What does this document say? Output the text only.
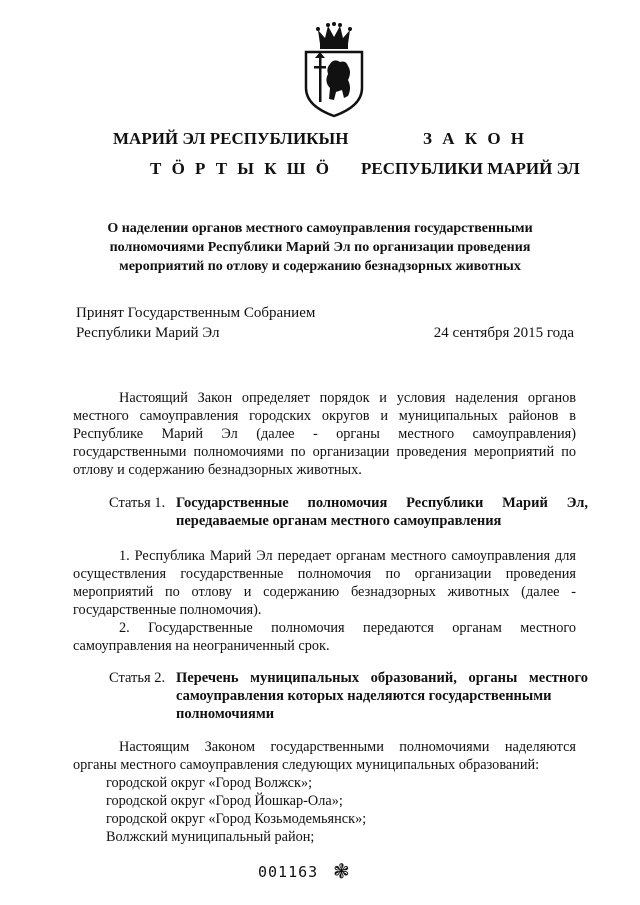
МАРИЙ ЭЛ РЕСПУБЛИКЫН
Т Ö Р Т Ы К Ш Ö
З А К О Н
РЕСПУБЛИКИ МАРИЙ ЭЛ
О наделении органов местного самоуправления государственными
полномочиями Республики Марий Эл по организации проведения
мероприятий по отлову и содержанию безнадзорных животных
Принят Государственным Собранием
Республики Марий Эл	24 сентября 2015 года

Настоящий Закон определяет порядок и условия наделения органов местного самоуправления городских округов и муниципальных районов в Республике Марий Эл (далее - органы местного самоуправления) государственными полномочиями по организации проведения мероприятий по отлову и содержанию безнадзорных животных.

Статья 1. Государственные полномочия Республики Марий Эл,
передаваемые органам местного самоуправления

1. Республика Марий Эл передает органам местного самоуправления для осуществления государственные полномочия по организации проведения мероприятий по отлову и содержанию безнадзорных животных (далее - государственные полномочия).

2. Государственные полномочия передаются органам местного самоуправления на неограниченный срок.

Статья 2. Перечень муниципальных образований, органы местного
самоуправления которых наделяются государственными
полномочиями

Настоящим Законом государственными полномочиями наделяются органы местного самоуправления следующих муниципальных образований:

городской округ «Город Волжск»;
городской округ «Город Йошкар-Ола»;
городской округ «Город Козьмодемьянск»;
Волжский муниципальный район;
001163 ❃
